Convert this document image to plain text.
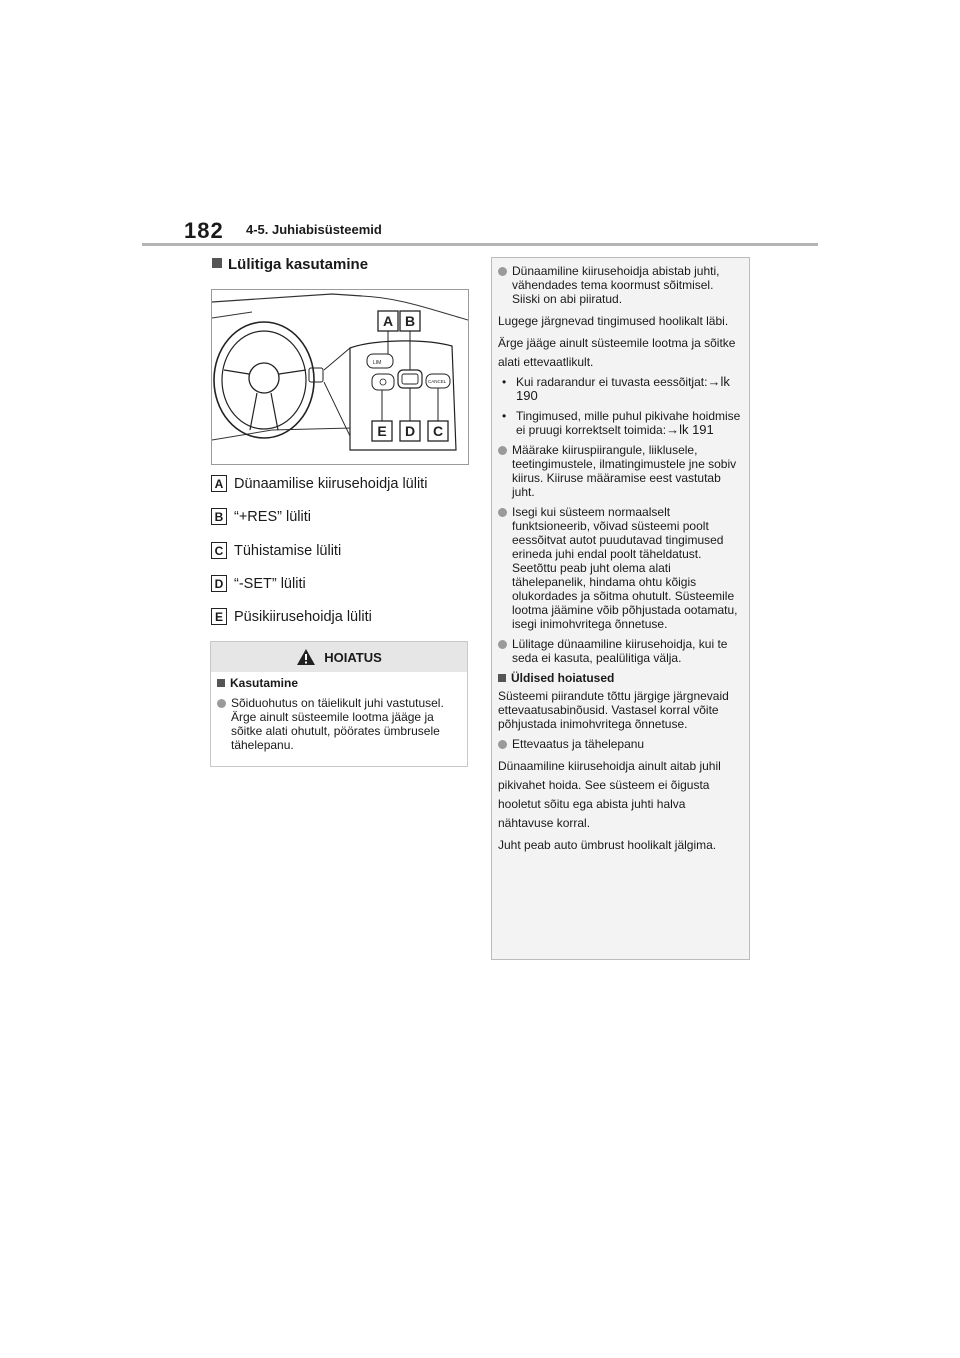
182 4-5. Juhiabisüsteemid
Lülitiga kasutamine
LIM
CANCEL
A B
E D C
A Dünaamilise kiirusehoidja lüliti
B “+RES” lüliti
C Tühistamise lüliti
D “-SET” lüliti
E Püsikiirusehoidja lüliti
HOIATUS
Kasutamine
Sõiduohutus on täielikult juhi vastutusel. Ärge ainult süsteemile lootma jääge ja sõitke alati ohutult, pöörates ümbrusele tähelepanu.
Dünaamiline kiirusehoidja abistab juhti, vähendades tema koormust sõitmisel. Siiski on abi piiratud.
Lugege järgnevad tingimused hoolikalt läbi.
Ärge jääge ainult süsteemile lootma ja sõitke alati ettevaatlikult.
• Kui radarandur ei tuvasta eessõitjat:→lk 190
• Tingimused, mille puhul pikivahe hoidmise ei pruugi korrektselt toimida:→lk 191
Määrake kiiruspiirangule, liiklusele, teetingimustele, ilmatingimustele jne sobiv kiirus. Kiiruse määramise eest vastutab juht.
Isegi kui süsteem normaalselt funktsioneerib, võivad süsteemi poolt eessõitvat autot puudutavad tingimused erineda juhi endal poolt täheldatust. Seetõttu peab juht olema alati tähelepanelik, hindama ohtu kõigis olukordades ja sõitma ohutult. Süsteemile lootma jäämine võib põhjustada ootamatu, isegi inimohvritega õnnetuse.
Lülitage dünaamiline kiirusehoidja, kui te seda ei kasuta, pealülitiga välja.
Üldised hoiatused
Süsteemi piirandute tõttu järgige järgnevaid ettevaatusabinõusid. Vastasel korral võite põhjustada inimohvritega õnnetuse.
Ettevaatus ja tähelepanu
Dünaamiline kiirusehoidja ainult aitab juhil pikivahet hoida. See süsteem ei õigusta hooletut sõitu ega abista juhti halva nähtavuse korral.
Juht peab auto ümbrust hoolikalt jälgima.
